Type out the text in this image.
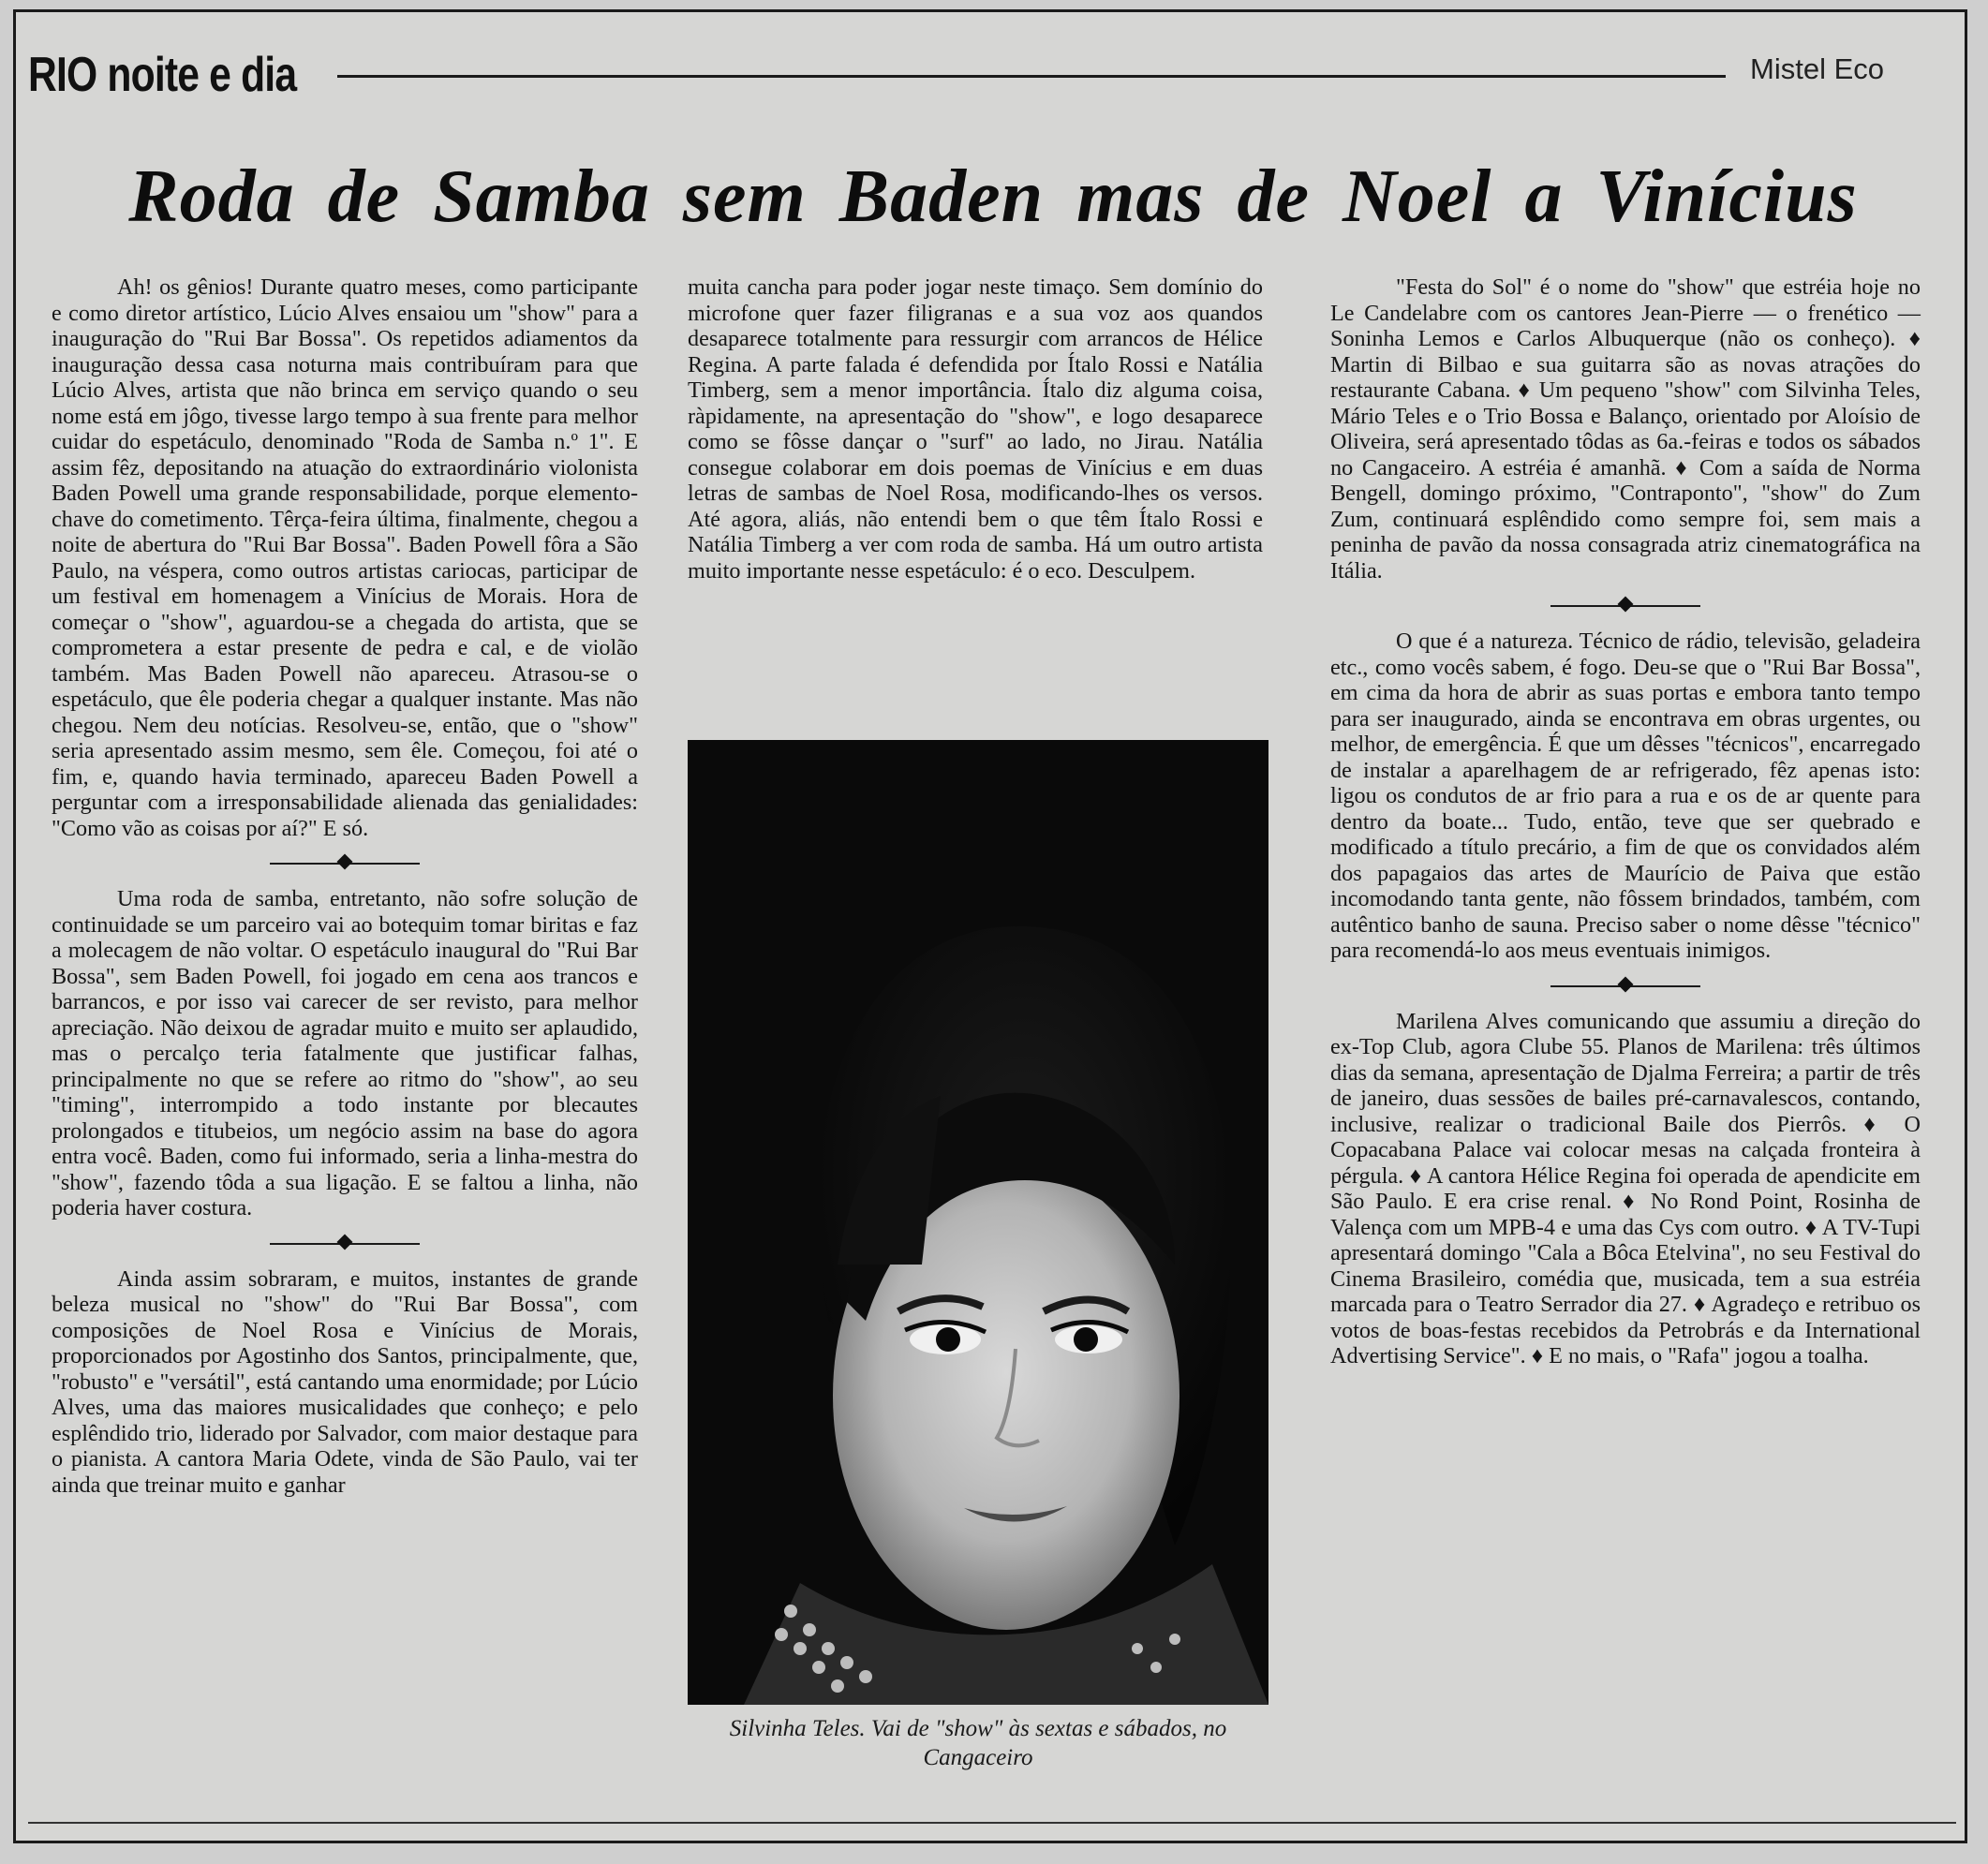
RIO noite e dia	Mistel Eco
Roda de Samba sem Baden mas de Noel a Vinícius

Ah! os gênios! Durante quatro meses, como participante e como diretor artístico, Lúcio Alves ensaiou um "show" para a inauguração do "Rui Bar Bossa". Os repetidos adiamentos da inauguração dessa casa noturna mais contribuíram para que Lúcio Alves, artista que não brinca em serviço quando o seu nome está em jôgo, tivesse largo tempo à sua frente para melhor cuidar do espetáculo, denominado "Roda de Samba n.º 1". E assim fêz, depositando na atuação do extraordinário violonista Baden Powell uma grande responsabilidade, porque elemento-chave do cometimento. Têrça-feira última, finalmente, chegou a noite de abertura do "Rui Bar Bossa". Baden Powell fôra a São Paulo, na véspera, como outros artistas cariocas, participar de um festival em homenagem a Vinícius de Morais. Hora de começar o "show", aguardou-se a chegada do artista, que se comprometera a estar presente de pedra e cal, e de violão também. Mas Baden Powell não apareceu. Atrasou-se o espetáculo, que êle poderia chegar a qualquer instante. Mas não chegou. Nem deu notícias. Resolveu-se, então, que o "show" seria apresentado assim mesmo, sem êle. Começou, foi até o fim, e, quando havia terminado, apareceu Baden Powell a perguntar com a irresponsabilidade alienada das genialidades: "Como vão as coisas por aí?" E só.

Uma roda de samba, entretanto, não sofre solução de continuidade se um parceiro vai ao botequim tomar biritas e faz a molecagem de não voltar. O espetáculo inaugural do "Rui Bar Bossa", sem Baden Powell, foi jogado em cena aos trancos e barrancos, e por isso vai carecer de ser revisto, para melhor apreciação. Não deixou de agradar muito e muito ser aplaudido, mas o percalço teria fatalmente que justificar falhas, principalmente no que se refere ao ritmo do "show", ao seu "timing", interrompido a todo instante por blecautes prolongados e titubeios, um negócio assim na base do agora entra você. Baden, como fui informado, seria a linha-mestra do "show", fazendo tôda a sua ligação. E se faltou a linha, não poderia haver costura.

Ainda assim sobraram, e muitos, instantes de grande beleza musical no "show" do "Rui Bar Bossa", com composições de Noel Rosa e Vinícius de Morais, proporcionados por Agostinho dos Santos, principalmente, que, "robusto" e "versátil", está cantando uma enormidade; por Lúcio Alves, uma das maiores musicalidades que conheço; e pelo esplêndido trio, liderado por Salvador, com maior destaque para o pianista. A cantora Maria Odete, vinda de São Paulo, vai ter ainda que treinar muito e ganhar

muita cancha para poder jogar neste timaço. Sem domínio do microfone quer fazer filigranas e a sua voz aos quandos desaparece totalmente para ressurgir com arrancos de Hélice Regina. A parte falada é defendida por Ítalo Rossi e Natália Timberg, sem a menor importância. Ítalo diz alguma coisa, ràpidamente, na apresentação do "show", e logo desaparece como se fôsse dançar o "surf" ao lado, no Jirau. Natália consegue colaborar em dois poemas de Vinícius e em duas letras de sambas de Noel Rosa, modificando-lhes os versos. Até agora, aliás, não entendi bem o que têm Ítalo Rossi e Natália Timberg a ver com roda de samba. Há um outro artista muito importante nesse espetáculo: é o eco. Desculpem.

Silvinha Teles. Vai de "show" às sextas e sábados, no Cangaceiro

"Festa do Sol" é o nome do "show" que estréia hoje no Le Candelabre com os cantores Jean-Pierre — o frenético — Soninha Lemos e Carlos Albuquerque (não os conheço). ♦ Martin di Bilbao e sua guitarra são as novas atrações do restaurante Cabana. ♦ Um pequeno "show" com Silvinha Teles, Mário Teles e o Trio Bossa e Balanço, orientado por Aloísio de Oliveira, será apresentado tôdas as 6a.-feiras e todos os sábados no Cangaceiro. A estréia é amanhã. ♦ Com a saída de Norma Bengell, domingo próximo, "Contraponto", "show" do Zum Zum, continuará esplêndido como sempre foi, sem mais a peninha de pavão da nossa consagrada atriz cinematográfica na Itália.

O que é a natureza. Técnico de rádio, televisão, geladeira etc., como vocês sabem, é fogo. Deu-se que o "Rui Bar Bossa", em cima da hora de abrir as suas portas e embora tanto tempo para ser inaugurado, ainda se encontrava em obras urgentes, ou melhor, de emergência. É que um dêsses "técnicos", encarregado de instalar a aparelhagem de ar refrigerado, fêz apenas isto: ligou os condutos de ar frio para a rua e os de ar quente para dentro da boate... Tudo, então, teve que ser quebrado e modificado a título precário, a fim de que os convidados além dos papagaios das artes de Maurício de Paiva que estão incomodando tanta gente, não fôssem brindados, também, com autêntico banho de sauna. Preciso saber o nome dêsse "técnico" para recomendá-lo aos meus eventuais inimigos.

Marilena Alves comunicando que assumiu a direção do ex-Top Club, agora Clube 55. Planos de Marilena: três últimos dias da semana, apresentação de Djalma Ferreira; a partir de três de janeiro, duas sessões de bailes pré-carnavalescos, contando, inclusive, realizar o tradicional Baile dos Pierrôs. ♦ O Copacabana Palace vai colocar mesas na calçada fronteira à pérgula. ♦ A cantora Hélice Regina foi operada de apendicite em São Paulo. E era crise renal. ♦ No Rond Point, Rosinha de Valença com um MPB-4 e uma das Cys com outro. ♦ A TV-Tupi apresentará domingo "Cala a Bôca Etelvina", no seu Festival do Cinema Brasileiro, comédia que, musicada, tem a sua estréia marcada para o Teatro Serrador dia 27. ♦ Agradeço e retribuo os votos de boas-festas recebidos da Petrobrás e da International Advertising Service". ♦ E no mais, o "Rafa" jogou a toalha.
